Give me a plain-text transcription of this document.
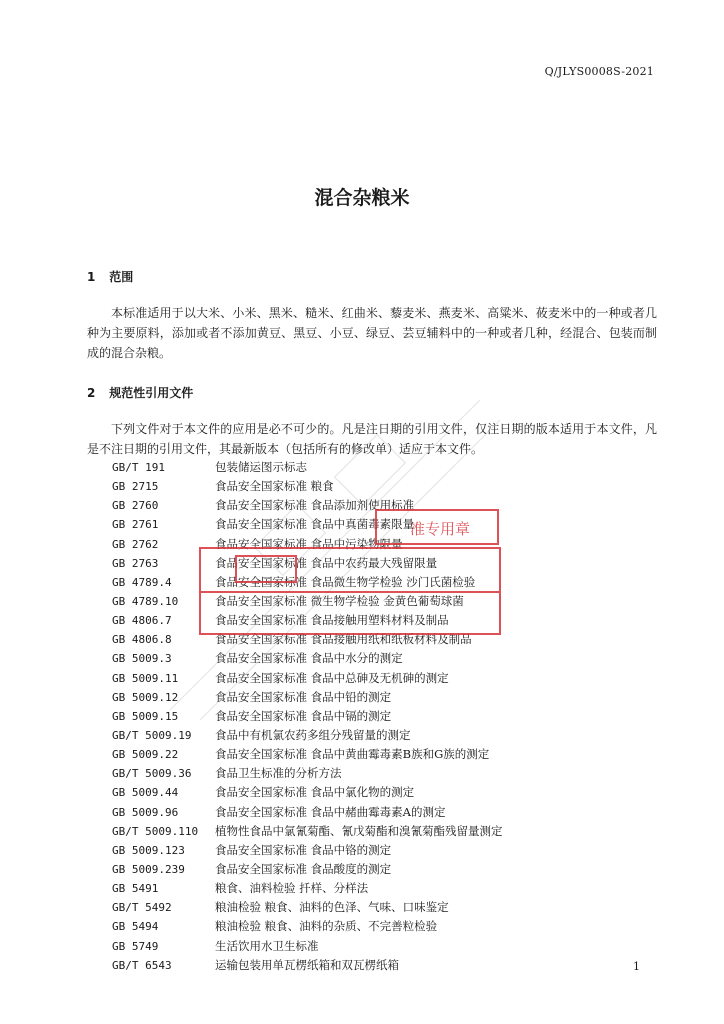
Q/JLYS0008S-2021
混合杂粮米
1 范围
本标准适用于以大米、小米、黑米、糙米、红曲米、藜麦米、燕麦米、高粱米、莜麦米中的一种或者几种为主要原料，添加或者不添加黄豆、黑豆、小豆、绿豆、芸豆辅料中的一种或者几种，经混合、包装而制成的混合杂粮。
2 规范性引用文件
下列文件对于本文件的应用是必不可少的。凡是注日期的引用文件，仅注日期的版本适用于本文件，凡是不注日期的引用文件，其最新版本（包括所有的修改单）适应于本文件。
GB/T 191	包装储运图示标志
GB 2715	食品安全国家标准 粮食
GB 2760	食品安全国家标准 食品添加剂使用标准
GB 2761	食品安全国家标准 食品中真菌毒素限量
GB 2762	食品安全国家标准 食品中污染物限量
GB 2763	食品安全国家标准 食品中农药最大残留限量
GB 4789.4	食品安全国家标准 食品微生物学检验 沙门氏菌检验
GB 4789.10	食品安全国家标准 微生物学检验 金黄色葡萄球菌
GB 4806.7	食品安全国家标准 食品接触用塑料材料及制品
GB 4806.8	食品安全国家标准 食品接触用纸和纸板材料及制品
GB 5009.3	食品安全国家标准 食品中水分的测定
GB 5009.11	食品安全国家标准 食品中总砷及无机砷的测定
GB 5009.12	食品安全国家标准 食品中铅的测定
GB 5009.15	食品安全国家标准 食品中镉的测定
GB/T 5009.19	食品中有机氯农药多组分残留量的测定
GB 5009.22	食品安全国家标准 食品中黄曲霉毒素B族和G族的测定
GB/T 5009.36	食品卫生标准的分析方法
GB 5009.44	食品安全国家标准 食品中氯化物的测定
GB 5009.96	食品安全国家标准 食品中赭曲霉毒素A的测定
GB/T 5009.110	植物性食品中氯氰菊酯、氰戊菊酯和溴氰菊酯残留量测定
GB 5009.123	食品安全国家标准 食品中铬的测定
GB 5009.239	食品安全国家标准 食品酸度的测定
GB 5491	粮食、油料检验 扦样、分样法
GB/T 5492	粮油检验 粮食、油料的色泽、气味、口味鉴定
GB 5494	粮油检验 粮食、油料的杂质、不完善粒检验
GB 5749	生活饮用水卫生标准
GB/T 6543	运输包装用单瓦楞纸箱和双瓦楞纸箱
准专用章
1
